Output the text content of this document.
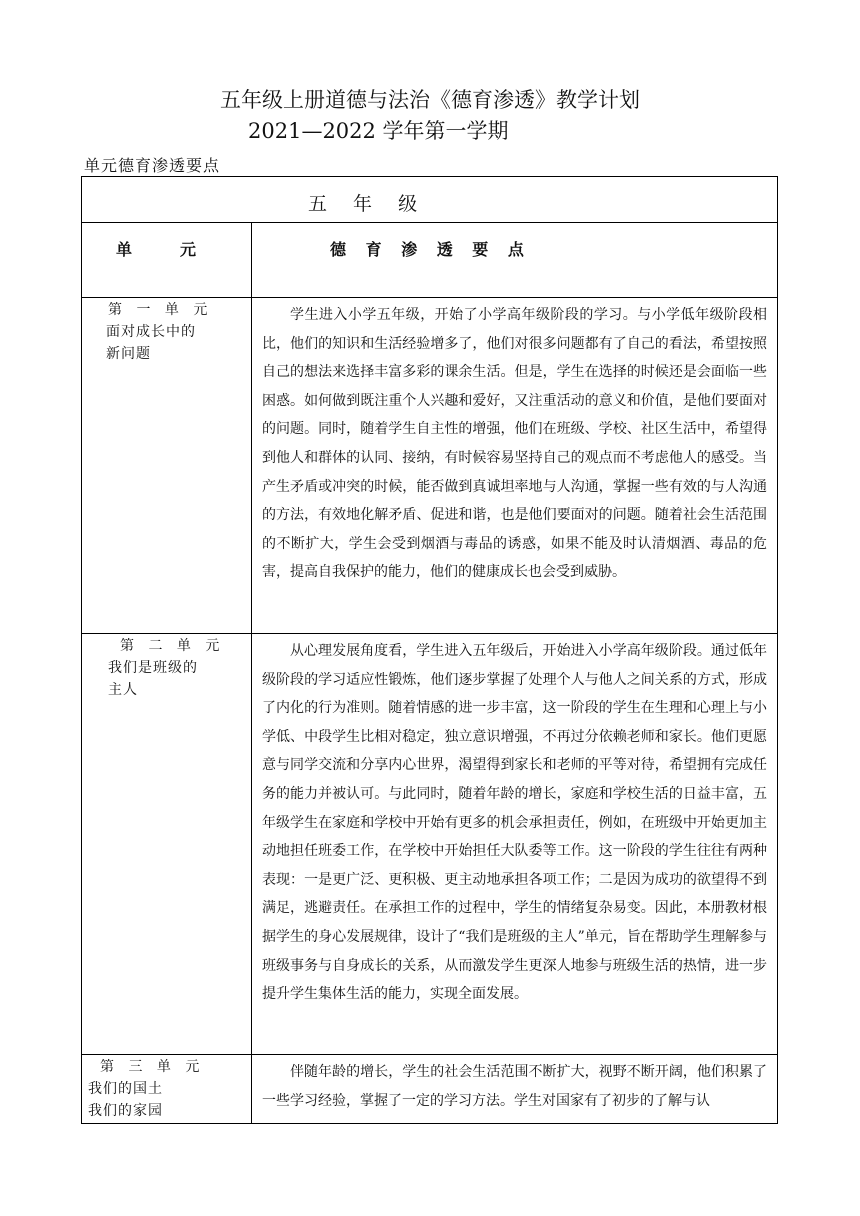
五年级上册道德与法治《德育渗透》教学计划
2021—2022 学年第一学期
单元德育渗透要点
五 年 级
单	元	德 育 渗 透 要 点
第 一 单 元
面对成长中的
新问题
学生进入小学五年级，开始了小学高年级阶段的学习。与小学低年级阶段相比，他们的知识和生活经验增多了，他们对很多问题都有了自己的看法，希望按照自己的想法来选择丰富多彩的课余生活。但是，学生在选择的时候还是会面临一些困惑。如何做到既注重个人兴趣和爱好，又注重活动的意义和价值，是他们要面对的问题。同时，随着学生自主性的增强，他们在班级、学校、社区生活中，希望得到他人和群体的认同、接纳，有时候容易坚持自己的观点而不考虑他人的感受。当产生矛盾或冲突的时候，能否做到真诚坦率地与人沟通，掌握一些有效的与人沟通的方法，有效地化解矛盾、促进和谐，也是他们要面对的问题。随着社会生活范围的不断扩大，学生会受到烟酒与毒品的诱惑，如果不能及时认清烟酒、毒品的危害，提高自我保护的能力，他们的健康成长也会受到威胁。
第 二 单 元
我们是班级的
主人
从心理发展角度看，学生进入五年级后，开始进入小学高年级阶段。通过低年级阶段的学习适应性锻炼，他们逐步掌握了处理个人与他人之间关系的方式，形成了内化的行为准则。随着情感的进一步丰富，这一阶段的学生在生理和心理上与小学低、中段学生比相对稳定，独立意识增强，不再过分依赖老师和家长。他们更愿意与同学交流和分享内心世界，渴望得到家长和老师的平等对待，希望拥有完成任务的能力并被认可。与此同时，随着年龄的增长，家庭和学校生活的日益丰富，五年级学生在家庭和学校中开始有更多的机会承担责任，例如，在班级中开始更加主动地担任班委工作，在学校中开始担任大队委等工作。这一阶段的学生往往有两种表现：一是更广泛、更积极、更主动地承担各项工作；二是因为成功的欲望得不到满足，逃避责任。在承担工作的过程中，学生的情绪复杂易变。因此，本册教材根据学生的身心发展规律，设计了“我们是班级的主人”单元，旨在帮助学生理解参与班级事务与自身成长的关系，从而激发学生更深人地参与班级生活的热情，进一步提升学生集体生活的能力，实现全面发展。
第 三 单 元
我们的国土
我们的家园
伴随年龄的增长，学生的社会生活范围不断扩大，视野不断开阔，他们积累了一些学习经验，掌握了一定的学习方法。学生对国家有了初步的了解与认
